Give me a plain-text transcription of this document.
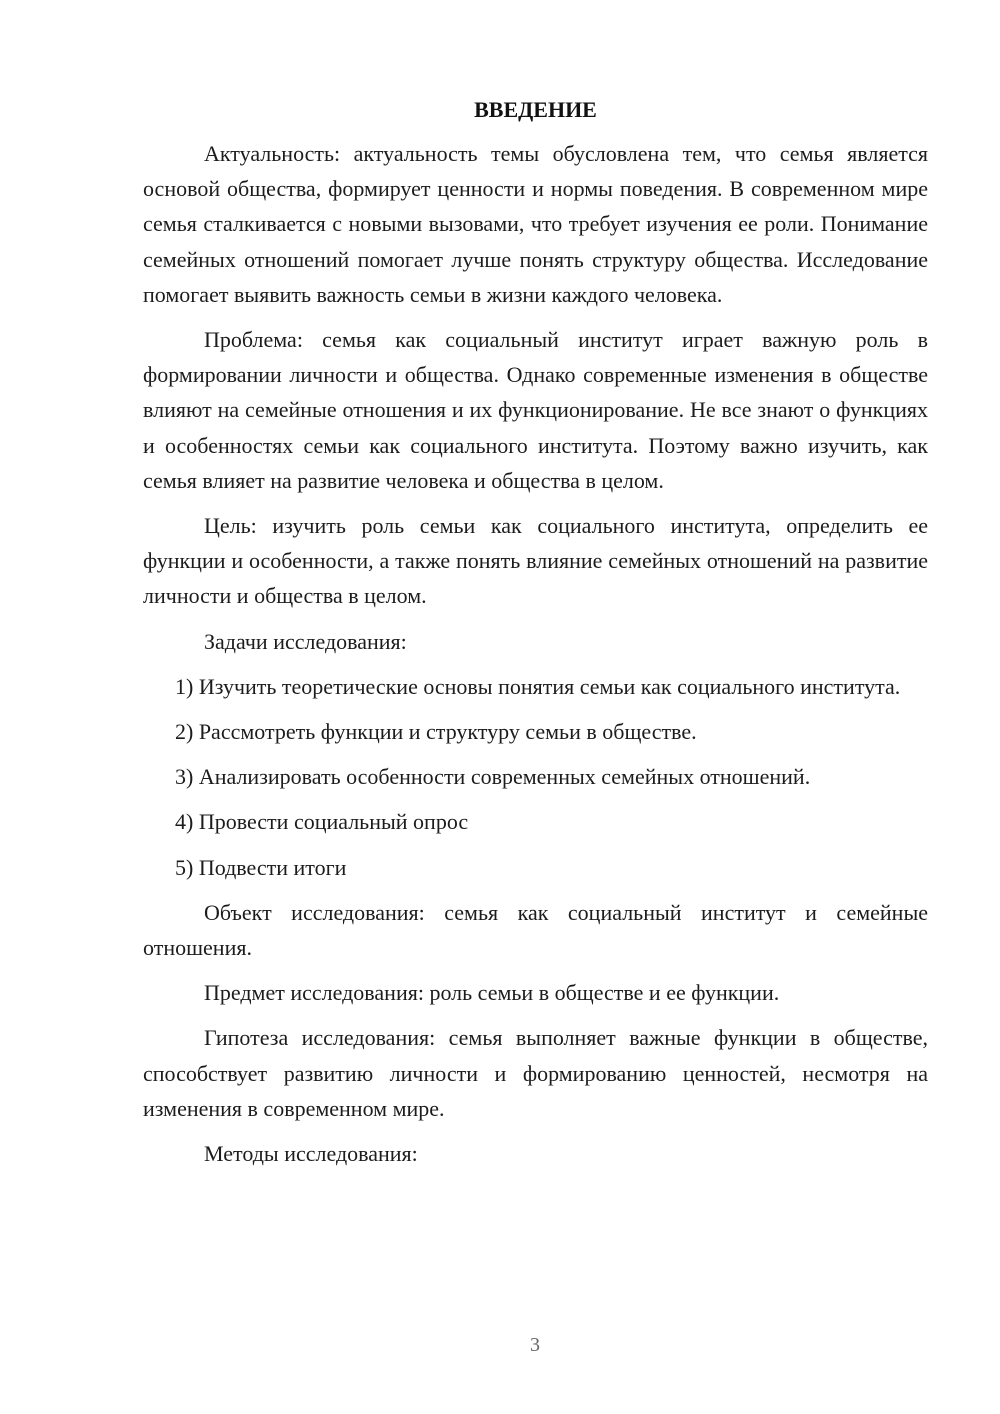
ВВЕДЕНИЕ

Актуальность: актуальность темы обусловлена тем, что семья является основой общества, формирует ценности и нормы поведения. В современном мире семья сталкивается с новыми вызовами, что требует изучения ее роли. Понимание семейных отношений помогает лучше понять структуру общества. Исследование помогает выявить важность семьи в жизни каждого человека.

Проблема: семья как социальный институт играет важную роль в формировании личности и общества. Однако современные изменения в обществе влияют на семейные отношения и их функционирование. Не все знают о функциях и особенностях семьи как социального института. Поэтому важно изучить, как семья влияет на развитие человека и общества в целом.

Цель: изучить роль семьи как социального института, определить ее функции и особенности, а также понять влияние семейных отношений на развитие личности и общества в целом.

Задачи исследования:

1) Изучить теоретические основы понятия семьи как социального института.

2) Рассмотреть функции и структуру семьи в обществе.

3) Анализировать особенности современных семейных отношений.

4) Провести социальный опрос

5) Подвести итоги

Объект исследования: семья как социальный институт и семейные отношения.

Предмет исследования: роль семьи в обществе и ее функции.

Гипотеза исследования: семья выполняет важные функции в обществе, способствует развитию личности и формированию ценностей, несмотря на изменения в современном мире.

Методы исследования:

3
